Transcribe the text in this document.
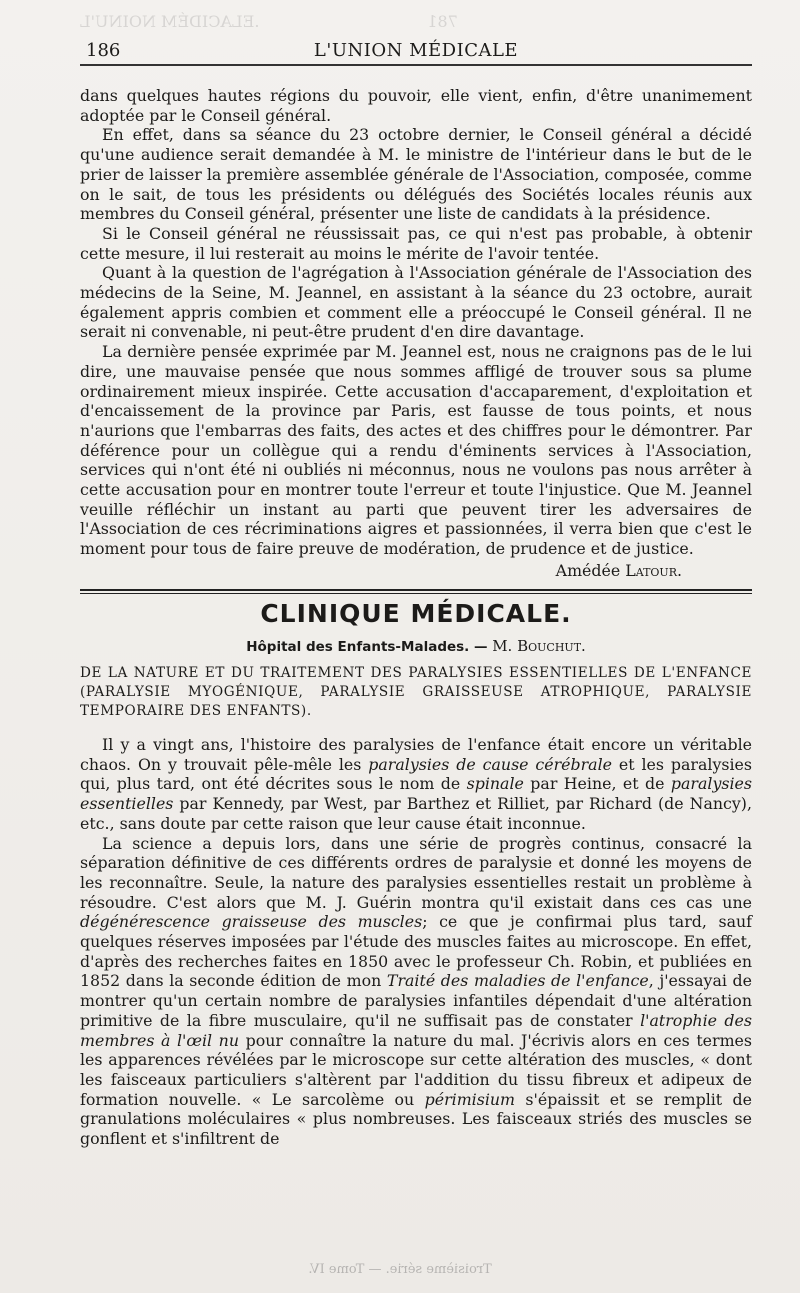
781                                 .ELACIDÉM NOINU'L
186	L'UNION MÉDICALE

dans quelques hautes régions du pouvoir, elle vient, enfin, d'être unanimement adoptée par le Conseil général.

En effet, dans sa séance du 23 octobre dernier, le Conseil général a décidé qu'une audience serait demandée à M. le ministre de l'intérieur dans le but de le prier de laisser la première assemblée générale de l'Association, composée, comme on le sait, de tous les présidents ou délégués des Sociétés locales réunis aux membres du Conseil général, présenter une liste de candidats à la présidence.

Si le Conseil général ne réussissait pas, ce qui n'est pas probable, à obtenir cette mesure, il lui resterait au moins le mérite de l'avoir tentée.

Quant à la question de l'agrégation à l'Association générale de l'Association des médecins de la Seine, M. Jeannel, en assistant à la séance du 23 octobre, aurait également appris combien et comment elle a préoccupé le Conseil général. Il ne serait ni convenable, ni peut-être prudent d'en dire davantage.

La dernière pensée exprimée par M. Jeannel est, nous ne craignons pas de le lui dire, une mauvaise pensée que nous sommes affligé de trouver sous sa plume ordinairement mieux inspirée. Cette accusation d'accaparement, d'exploitation et d'encaissement de la province par Paris, est fausse de tous points, et nous n'aurions que l'embarras des faits, des actes et des chiffres pour le démontrer. Par déférence pour un collègue qui a rendu d'éminents services à l'Association, services qui n'ont été ni oubliés ni méconnus, nous ne voulons pas nous arrêter à cette accusation pour en montrer toute l'erreur et toute l'injustice. Que M. Jeannel veuille réfléchir un instant au parti que peuvent tirer les adversaires de l'Association de ces récriminations aigres et passionnées, il verra bien que c'est le moment pour tous de faire preuve de modération, de prudence et de justice.

Amédée Latour.
CLINIQUE MÉDICALE.
Hôpital des Enfants-Malades. — M. Bouchut.

DE LA NATURE ET DU TRAITEMENT DES PARALYSIES ESSENTIELLES DE L'ENFANCE (PARALYSIE MYOGÉNIQUE, PARALYSIE GRAISSEUSE ATROPHIQUE, PARALYSIE TEMPORAIRE DES ENFANTS).

Il y a vingt ans, l'histoire des paralysies de l'enfance était encore un véritable chaos. On y trouvait pêle-mêle les paralysies de cause cérébrale et les paralysies qui, plus tard, ont été décrites sous le nom de spinale par Heine, et de paralysies essentielles par Kennedy, par West, par Barthez et Rilliet, par Richard (de Nancy), etc., sans doute par cette raison que leur cause était inconnue.

La science a depuis lors, dans une série de progrès continus, consacré la séparation définitive de ces différents ordres de paralysie et donné les moyens de les reconnaître. Seule, la nature des paralysies essentielles restait un problème à résoudre. C'est alors que M. J. Guérin montra qu'il existait dans ces cas une dégénérescence graisseuse des muscles; ce que je confirmai plus tard, sauf quelques réserves imposées par l'étude des muscles faites au microscope. En effet, d'après des recherches faites en 1850 avec le professeur Ch. Robin, et publiées en 1852 dans la seconde édition de mon Traité des maladies de l'enfance, j'essayai de montrer qu'un certain nombre de paralysies infantiles dépendait d'une altération primitive de la fibre musculaire, qu'il ne suffisait pas de constater l'atrophie des membres à l'œil nu pour connaître la nature du mal. J'écrivis alors en ces termes les apparences révélées par le microscope sur cette altération des muscles, « dont les faisceaux particuliers s'altèrent par l'addition du tissu fibreux et adipeux de formation nouvelle. « Le sarcolème ou périmisium s'épaissit et se remplit de granulations moléculaires « plus nombreuses. Les faisceaux striés des muscles se gonflent et s'infiltrent de

Troisième série. — Tome IV.
